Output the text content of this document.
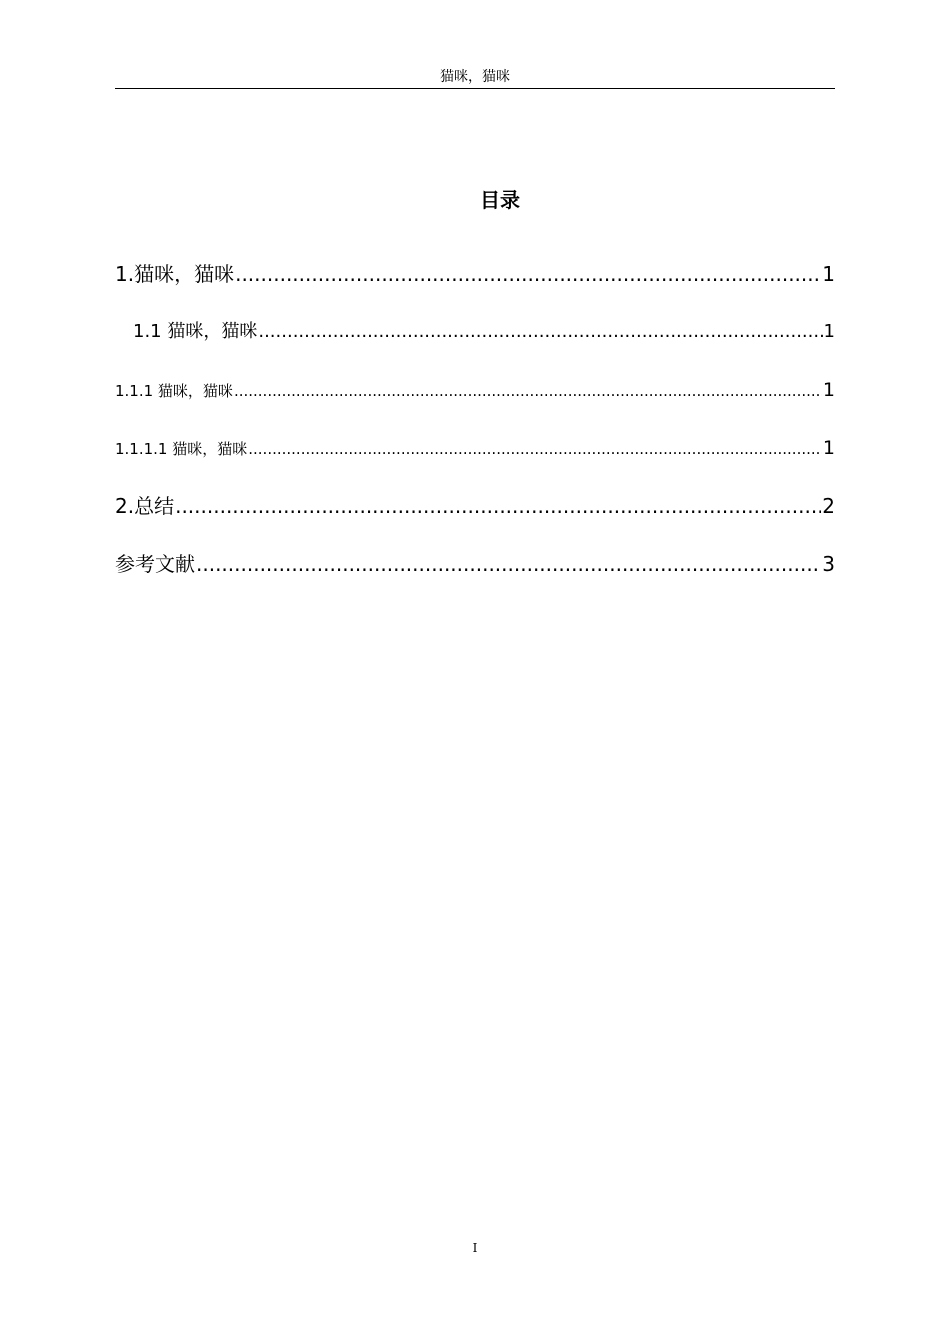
猫咪，猫咪
目录
1.猫咪，猫咪 .....	1
1.1 猫咪，猫咪 .....	1
1.1.1 猫咪，猫咪 .....	1
1.1.1.1 猫咪，猫咪 .....	1
2.总结 .....	2
参考文献 .....	3
I
